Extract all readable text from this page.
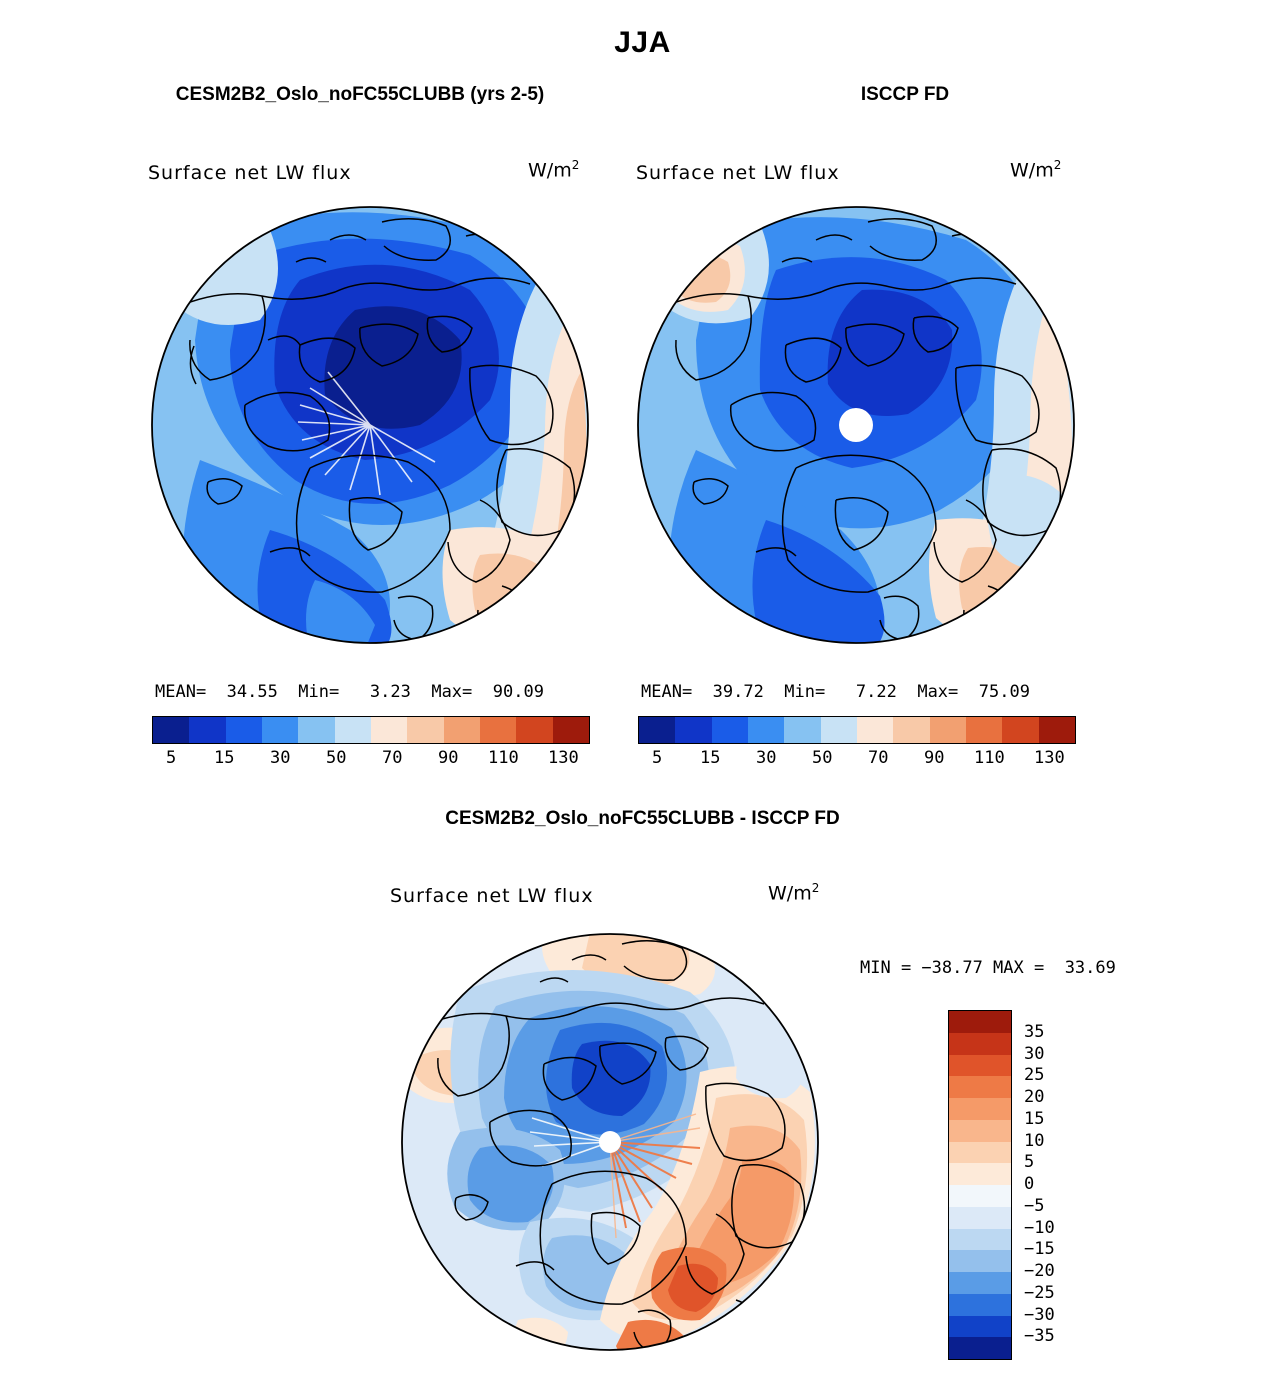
JJA
CESM2B2_Oslo_noFC55CLUBB (yrs 2-5)	ISCCP FD
Surface net LW flux	$W/m^2$	Surface net LW flux	$W/m^2$
MEAN=  34.55  Min=   3.23  Max=  90.09
5 15 30 50 70 90 110 130
MEAN=  39.72  Min=   7.22  Max=  75.09
5 15 30 50 70 90 110 130
CESM2B2_Oslo_noFC55CLUBB - ISCCP FD
Surface net LW flux	$W/m^2$
MIN = −38.77 MAX =  33.69
35
30
25
20
15
10
5
0
−5
−10
−15
−20
−25
−30
−35
